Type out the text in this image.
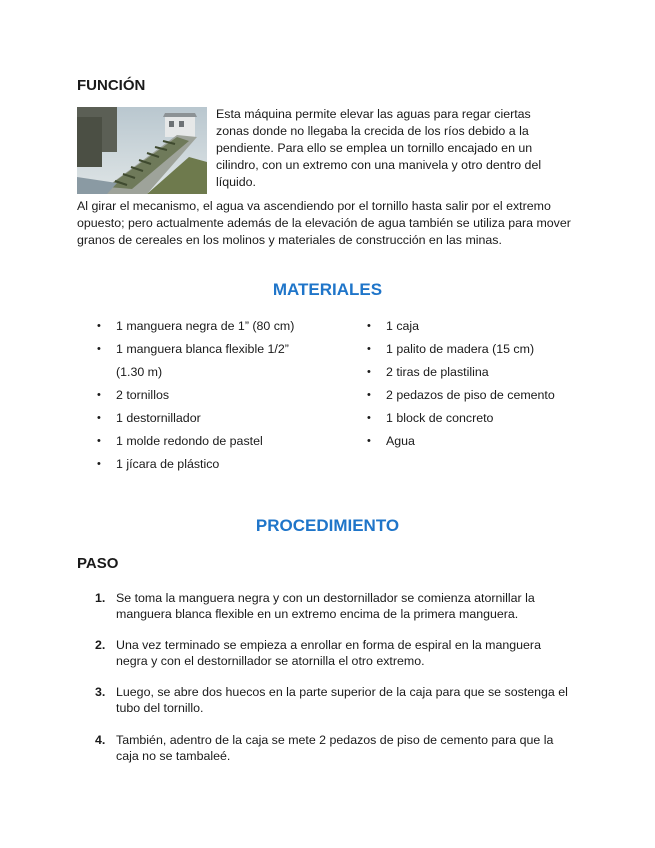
FUNCIÓN
Esta máquina permite elevar las aguas para regar ciertas zonas donde no llegaba la crecida de los ríos debido a la pendiente. Para ello se emplea un tornillo encajado en un cilindro, con un extremo con una manivela y otro dentro del líquido.
Al girar el mecanismo, el agua va ascendiendo por el tornillo hasta salir por el extremo opuesto; pero actualmente además de la elevación de agua también se utiliza para mover granos de cereales en los molinos y materiales de construcción en las minas.
MATERIALES
• 1 manguera negra de 1” (80 cm)
• 1 manguera blanca flexible 1/2”
(1.30 m)
• 2 tornillos
• 1 destornillador
• 1 molde redondo de pastel
• 1 jícara de plástico
• 1 caja
• 1 palito de madera (15 cm)
• 2 tiras de plastilina
• 2 pedazos de piso de cemento
• 1 block de concreto
• Agua
PROCEDIMIENTO
PASO
1. Se toma la manguera negra y con un destornillador se comienza atornillar la manguera blanca flexible en un extremo encima de la primera manguera.
2. Una vez terminado se empieza a enrollar en forma de espiral en la manguera negra y con el destornillador se atornilla el otro extremo.
3. Luego, se abre dos huecos en la parte superior de la caja para que se sostenga el tubo del tornillo.
4. También, adentro de la caja se mete 2 pedazos de piso de cemento para que la caja no se tambaleé.
